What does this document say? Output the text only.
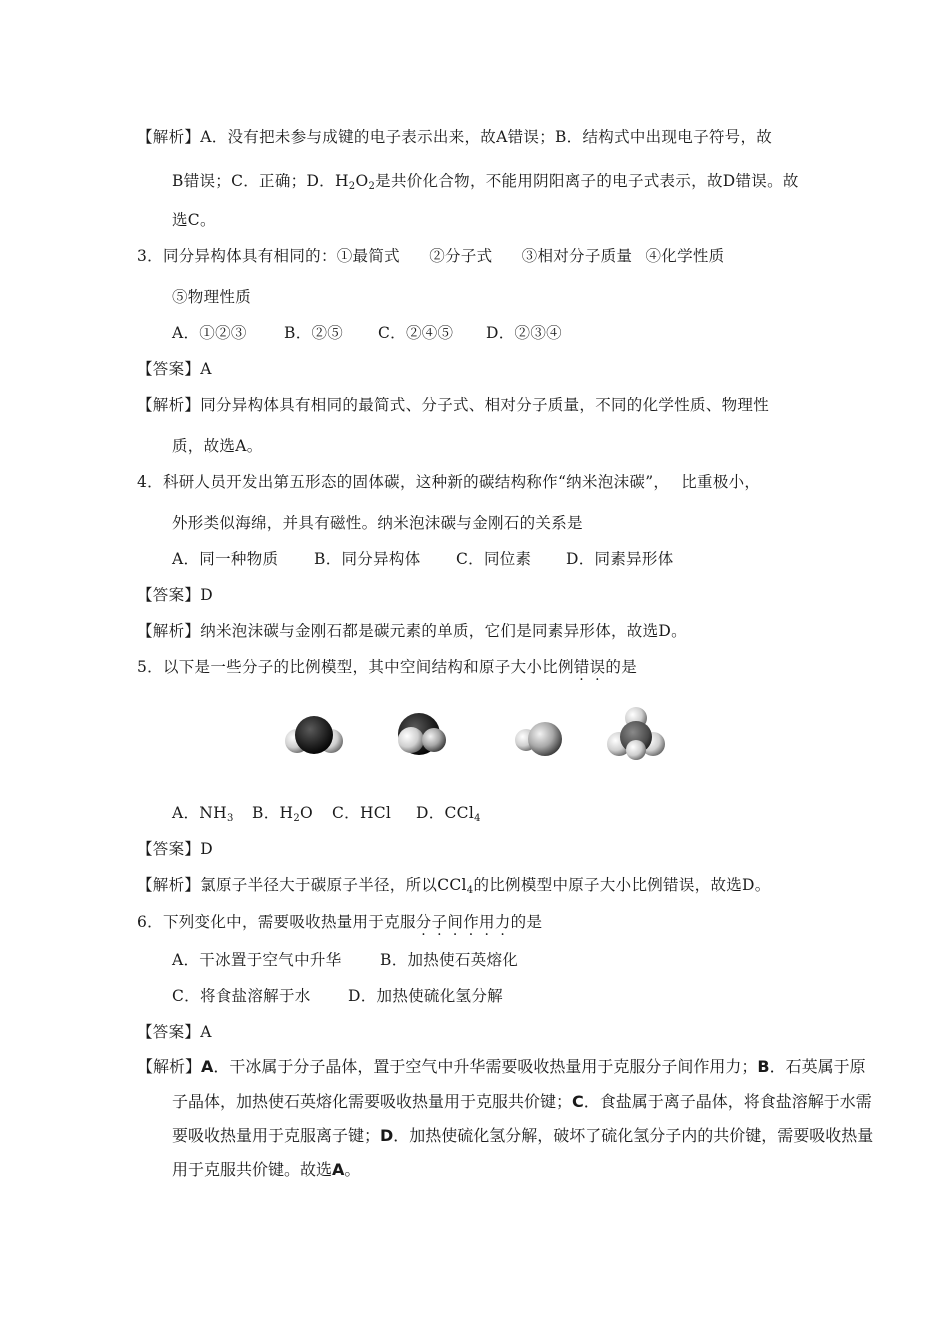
【解析】A．没有把未参与成键的电子表示出来，故A错误；B．结构式中出现电子符号，故
B错误；C．正确；D．$H_2O_2$是共价化合物，不能用阴阳离子的电子式表示，故D错误。故
选C。
3．同分异构体具有相同的：①最简式 ②分子式 ③相对分子质量 ④化学性质
⑤物理性质
A．①②③ B．②⑤ C．②④⑤ D．②③④
【答案】A
【解析】同分异构体具有相同的最简式、分子式、相对分子质量，不同的化学性质、物理性
质，故选A。
4．科研人员开发出第五形态的固体碳，这种新的碳结构称作“纳米泡沫碳”， 比重极小，
外形类似海绵，并具有磁性。纳米泡沫碳与金刚石的关系是
A．同一种物质 B．同分异构体 C．同位素 D．同素异形体
【答案】D
【解析】纳米泡沫碳与金刚石都是碳元素的单质，它们是同素异形体，故选D。
5．以下是一些分子的比例模型，其中空间结构和原子大小比例错误的是
A．$NH_3$ B．$H_2O$ C．HCl D．CCl$_4$
【答案】D
【解析】氯原子半径大于碳原子半径，所以CCl$_4$的比例模型中原子大小比例错误，故选D。
6．下列变化中，需要吸收热量用于克服分子间作用力的是
A．干冰置于空气中升华 B．加热使石英熔化
C．将食盐溶解于水 D．加热使硫化氢分解
【答案】A
【解析】A．干冰属于分子晶体，置于空气中升华需要吸收热量用于克服分子间作用力；B．石英属于原
子晶体，加热使石英熔化需要吸收热量用于克服共价键；C．食盐属于离子晶体，将食盐溶解于水需
要吸收热量用于克服离子键；D．加热使硫化氢分解，破坏了硫化氢分子内的共价键，需要吸收热量
用于克服共价键。故选A。
